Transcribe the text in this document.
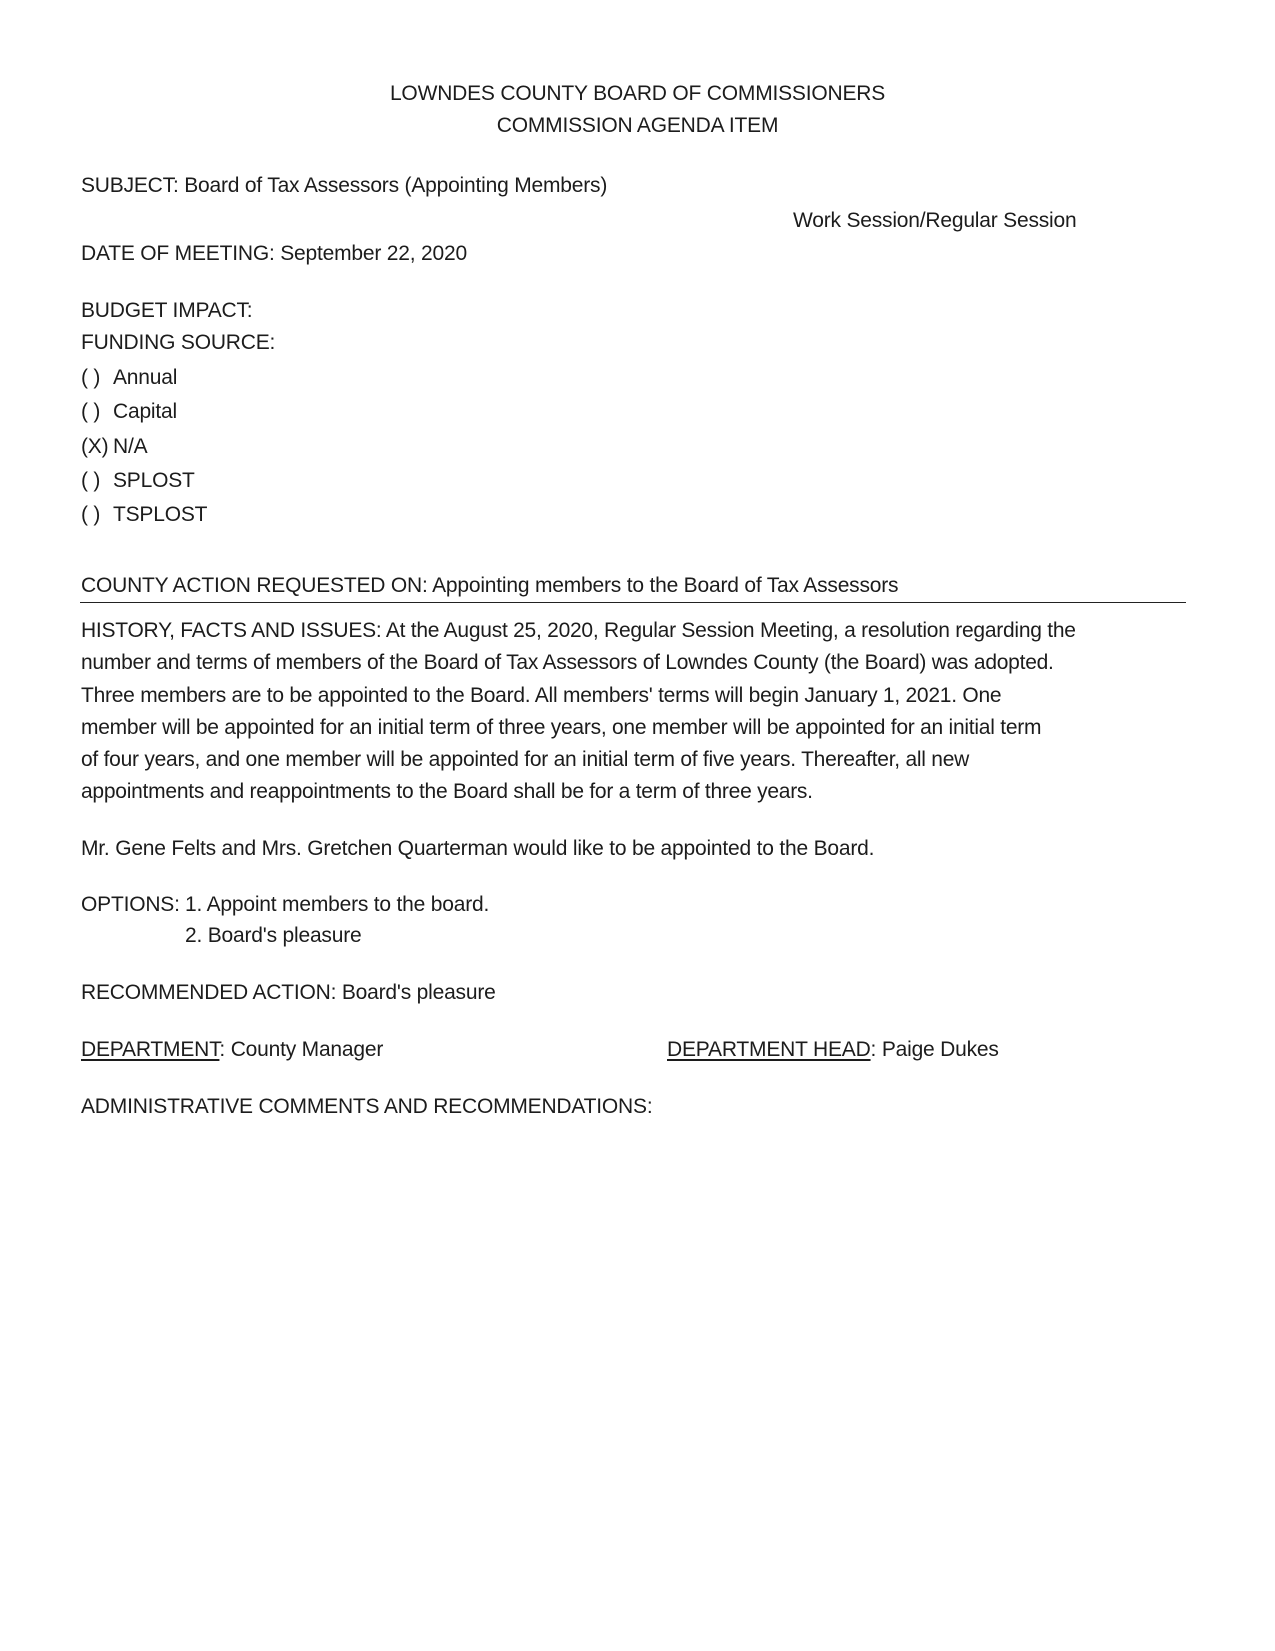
LOWNDES COUNTY BOARD OF COMMISSIONERS
COMMISSION AGENDA ITEM
SUBJECT: Board of Tax Assessors (Appointing Members)
Work Session/Regular Session
DATE OF MEETING: September 22, 2020
BUDGET IMPACT:
FUNDING SOURCE:
( ) Annual
( ) Capital
(X) N/A
( ) SPLOST
( ) TSPLOST
COUNTY ACTION REQUESTED ON: Appointing members to the Board of Tax Assessors
HISTORY, FACTS AND ISSUES: At the August 25, 2020, Regular Session Meeting, a resolution regarding the
number and terms of members of the Board of Tax Assessors of Lowndes County (the Board) was adopted.
Three members are to be appointed to the Board. All members' terms will begin January 1, 2021. One
member will be appointed for an initial term of three years, one member will be appointed for an initial term
of four years, and one member will be appointed for an initial term of five years. Thereafter, all new
appointments and reappointments to the Board shall be for a term of three years.
Mr. Gene Felts and Mrs. Gretchen Quarterman would like to be appointed to the Board.
OPTIONS: 1. Appoint members to the board.
2. Board's pleasure
RECOMMENDED ACTION: Board's pleasure
DEPARTMENT: County Manager	DEPARTMENT HEAD: Paige Dukes
ADMINISTRATIVE COMMENTS AND RECOMMENDATIONS:
